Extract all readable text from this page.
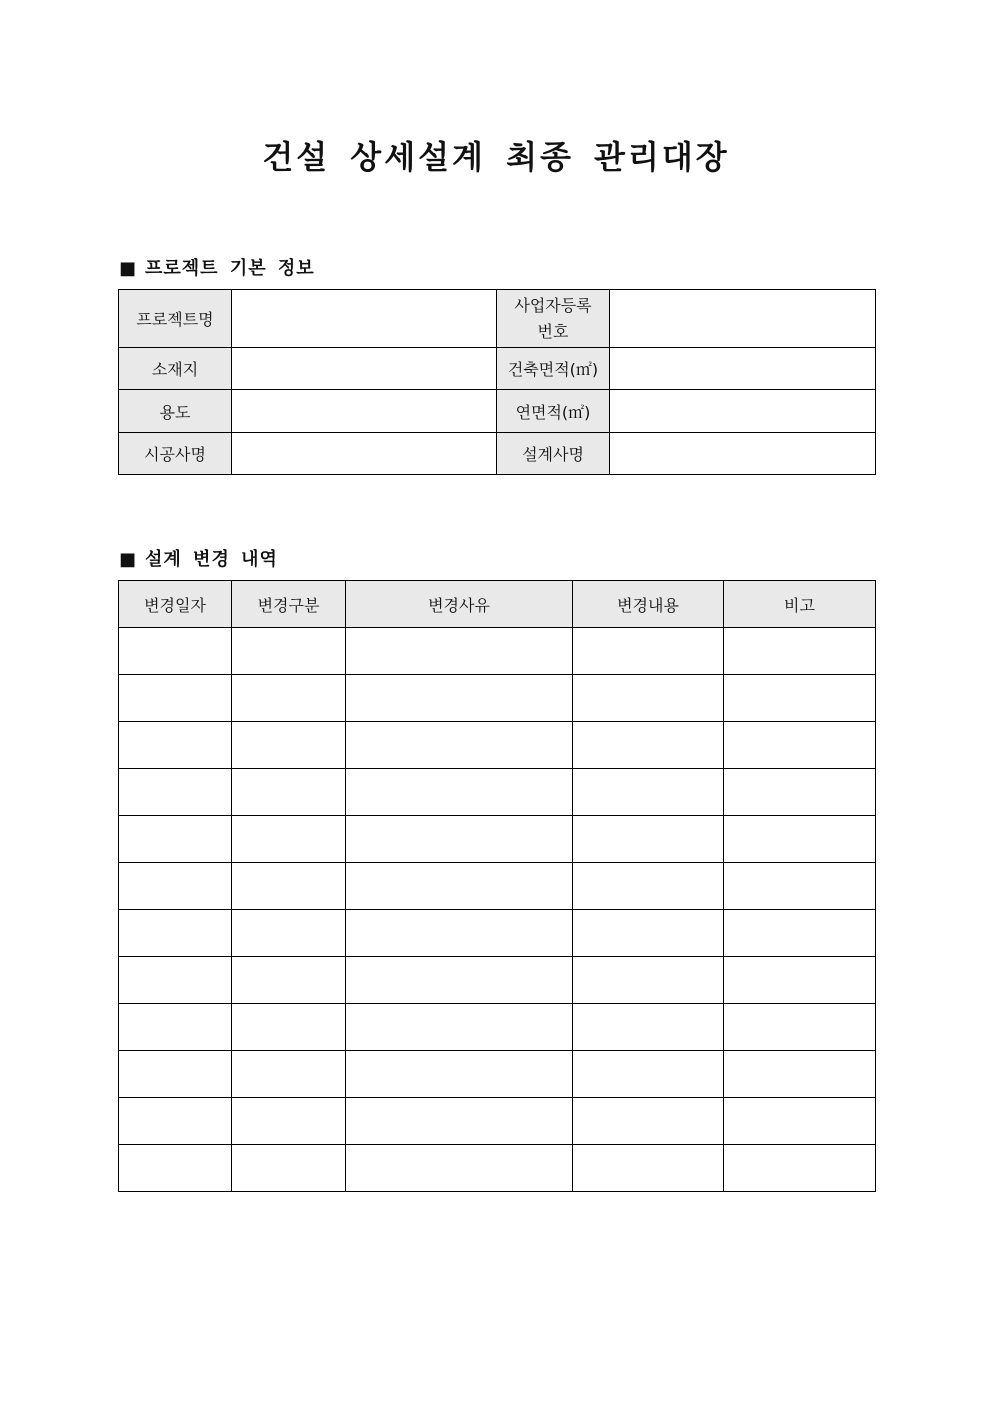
건설 상세설계 최종 관리대장
■ 프로젝트 기본 정보
프로젝트명		사업자등록
번호	
소재지		건축면적(㎡)	
용도		연면적(㎡)	
시공사명		설계사명	
■ 설계 변경 내역
변경일자	변경구분	변경사유	변경내용	비고
